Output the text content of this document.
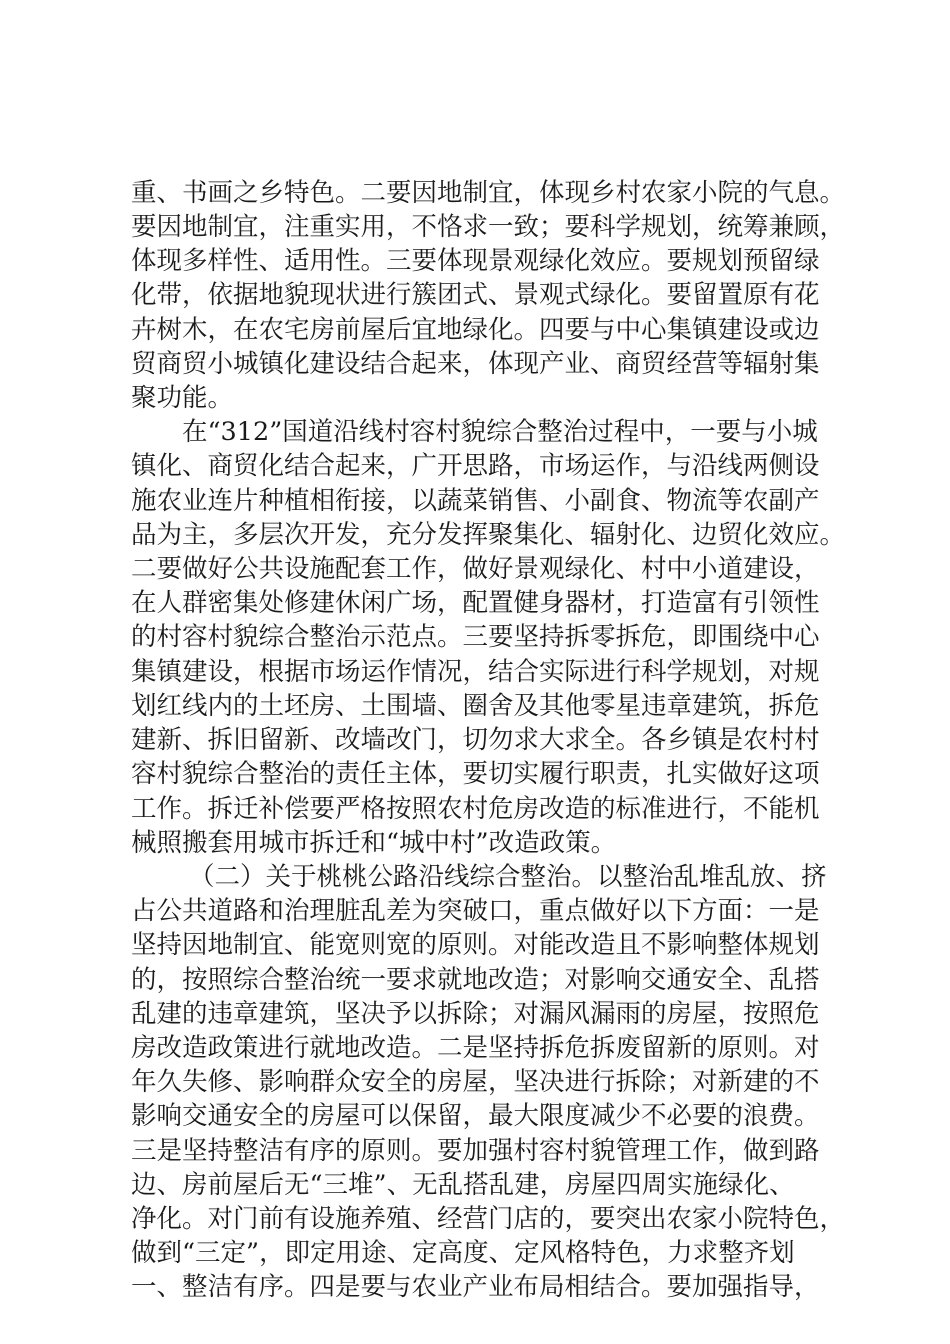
重、书画之乡特色。二要因地制宜，体现乡村农家小院的气息。
要因地制宜，注重实用，不恪求一致；要科学规划，统筹兼顾，
体现多样性、适用性。三要体现景观绿化效应。要规划预留绿
化带，依据地貌现状进行簇团式、景观式绿化。要留置原有花
卉树木，在农宅房前屋后宜地绿化。四要与中心集镇建设或边
贸商贸小城镇化建设结合起来，体现产业、商贸经营等辐射集
聚功能。
在“312”国道沿线村容村貌综合整治过程中，一要与小城
镇化、商贸化结合起来，广开思路，市场运作，与沿线两侧设
施农业连片种植相衔接，以蔬菜销售、小副食、物流等农副产
品为主，多层次开发，充分发挥聚集化、辐射化、边贸化效应。
二要做好公共设施配套工作，做好景观绿化、村中小道建设，
在人群密集处修建休闲广场，配置健身器材，打造富有引领性
的村容村貌综合整治示范点。三要坚持拆零拆危，即围绕中心
集镇建设，根据市场运作情况，结合实际进行科学规划，对规
划红线内的土坯房、土围墙、圈舍及其他零星违章建筑，拆危
建新、拆旧留新、改墙改门，切勿求大求全。各乡镇是农村村
容村貌综合整治的责任主体，要切实履行职责，扎实做好这项
工作。拆迁补偿要严格按照农村危房改造的标准进行，不能机
械照搬套用城市拆迁和“城中村”改造政策。
（二）关于桃桃公路沿线综合整治。以整治乱堆乱放、挤
占公共道路和治理脏乱差为突破口，重点做好以下方面：一是
坚持因地制宜、能宽则宽的原则。对能改造且不影响整体规划
的，按照综合整治统一要求就地改造；对影响交通安全、乱搭
乱建的违章建筑，坚决予以拆除；对漏风漏雨的房屋，按照危
房改造政策进行就地改造。二是坚持拆危拆废留新的原则。对
年久失修、影响群众安全的房屋，坚决进行拆除；对新建的不
影响交通安全的房屋可以保留，最大限度减少不必要的浪费。
三是坚持整洁有序的原则。要加强村容村貌管理工作，做到路
边、房前屋后无“三堆”、无乱搭乱建，房屋四周实施绿化、
净化。对门前有设施养殖、经营门店的，要突出农家小院特色，
做到“三定”，即定用途、定高度、定风格特色，力求整齐划
一、整洁有序。四是要与农业产业布局相结合。要加强指导，
